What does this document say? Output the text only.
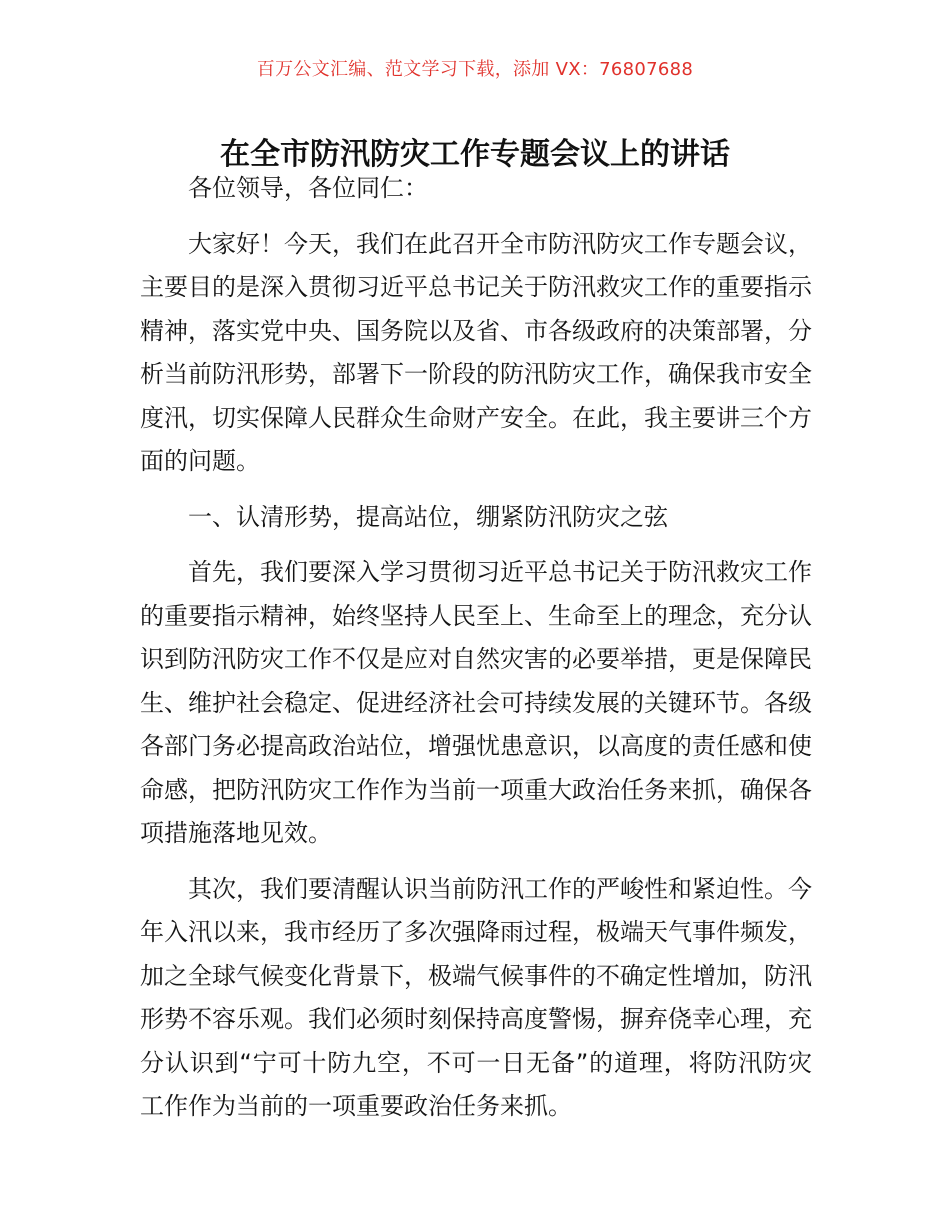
百万公文汇编、范文学习下载，添加 VX：76807688
在全市防汛防灾工作专题会议上的讲话

各位领导，各位同仁：

大家好！今天，我们在此召开全市防汛防灾工作专题会议，主要目的是深入贯彻习近平总书记关于防汛救灾工作的重要指示精神，落实党中央、国务院以及省、市各级政府的决策部署，分析当前防汛形势，部署下一阶段的防汛防灾工作，确保我市安全度汛，切实保障人民群众生命财产安全。在此，我主要讲三个方面的问题。

一、认清形势，提高站位，绷紧防汛防灾之弦

首先，我们要深入学习贯彻习近平总书记关于防汛救灾工作的重要指示精神，始终坚持人民至上、生命至上的理念，充分认识到防汛防灾工作不仅是应对自然灾害的必要举措，更是保障民生、维护社会稳定、促进经济社会可持续发展的关键环节。各级各部门务必提高政治站位，增强忧患意识，以高度的责任感和使命感，把防汛防灾工作作为当前一项重大政治任务来抓，确保各项措施落地见效。

其次，我们要清醒认识当前防汛工作的严峻性和紧迫性。今年入汛以来，我市经历了多次强降雨过程，极端天气事件频发，加之全球气候变化背景下，极端气候事件的不确定性增加，防汛形势不容乐观。我们必须时刻保持高度警惕，摒弃侥幸心理，充分认识到“宁可十防九空，不可一日无备”的道理，将防汛防灾工作作为当前的一项重要政治任务来抓。
